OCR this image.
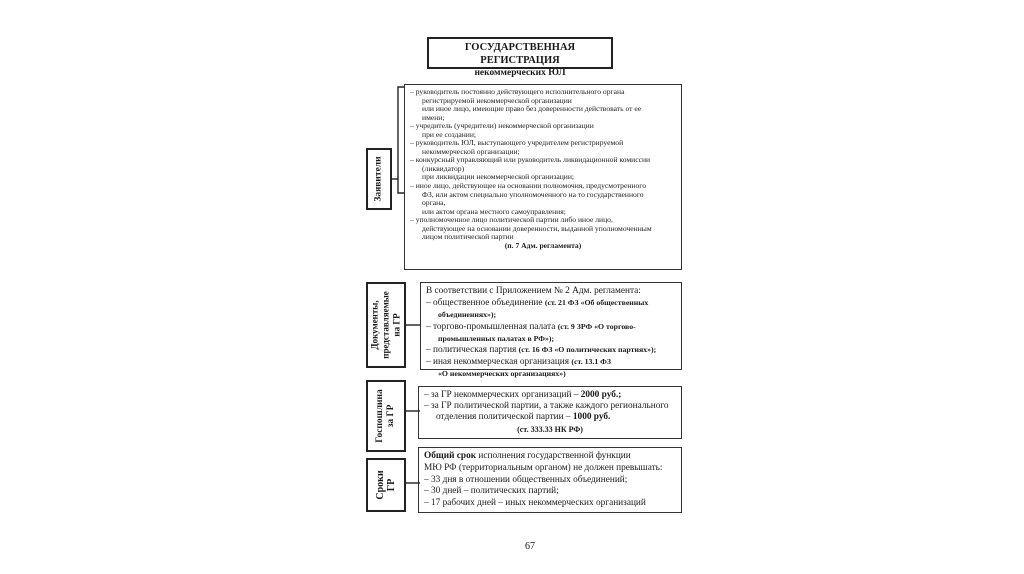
ГОСУДАРСТВЕННАЯ РЕГИСТРАЦИЯ
некоммерческих ЮЛ
Заявители
– руководитель постоянно действующего исполнительного органа
регистрируемой некоммерческой организации
или иное лицо, имеющие право без доверенности действовать от ее
имени;
– учредитель (учредители) некоммерческой организации
при ее создании;
– руководитель ЮЛ, выступающего учредителем регистрируемой
некоммерческой организации;
– конкурсный управляющий или руководитель ликвидационной комиссии
(ликвидатор)
при ликвидации некоммерческой организации;
– иное лицо, действующее на основании полномочия, предусмотренного
ФЗ, или актом специально уполномоченного на то государственного
органа,
или актом органа местного самоуправления;
– уполномоченное лицо политической партии либо иное лицо,
действующее на основании доверенности, выданной уполномоченным
лицом политической партии
(п. 7 Адм. регламента)
Документы, представляемые на ГР
В соответствии с Приложением № 2 Адм. регламента:
– общественное объединение (ст. 21 ФЗ «Об общественных
объединениях»);
– торгово-промышленная палата (ст. 9 ЗРФ «О торгово-
промышленных палатах в РФ»);
– политическая партия (ст. 16 ФЗ «О политических партиях»);
– иная некоммерческая организация (ст. 13.1 ФЗ
«О некоммерческих организациях»)
Госпошлина за ГР
– за ГР некоммерческих организаций – 2000 руб.;
– за ГР политической партии, а также каждого регионального
отделения политической партии – 1000 руб.
(ст. 333.33 НК РФ)
Сроки ГР
Общий срок исполнения государственной функции
МЮ РФ (территориальным органом) не должен превышать:
– 33 дня в отношении общественных объединений;
– 30 дней – политических партий;
– 17 рабочих дней – иных некоммерческих организаций
67
